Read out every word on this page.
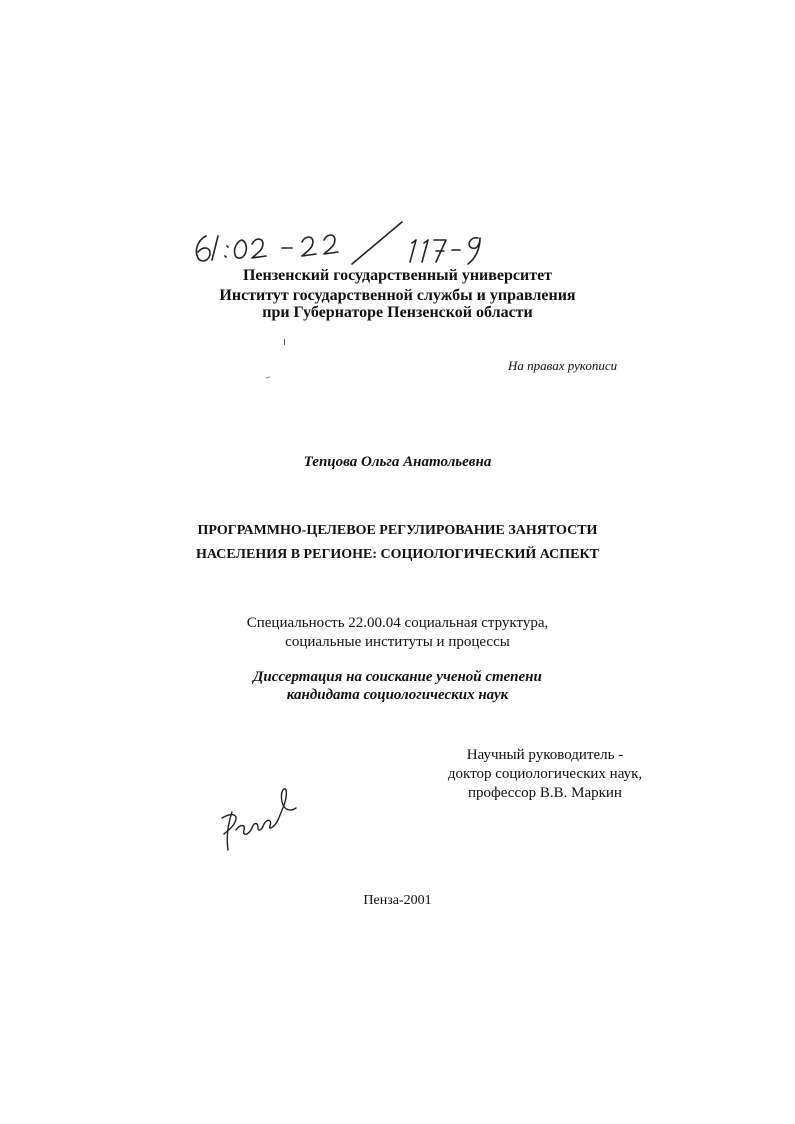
Пензенский государственный университет
Институт государственной службы и управления
при Губернаторе Пензенской области
На правах рукописи
Тепцова Ольга Анатольевна
ПРОГРАММНО-ЦЕЛЕВОЕ РЕГУЛИРОВАНИЕ ЗАНЯТОСТИ
НАСЕЛЕНИЯ В РЕГИОНЕ: СОЦИОЛОГИЧЕСКИЙ АСПЕКТ
Специальность 22.00.04 социальная структура,
социальные институты и процессы
Диссертация на соискание ученой степени
кандидата социологических наук
Научный руководитель -
доктор социологических наук,
профессор В.В. Маркин
Пенза-2001
